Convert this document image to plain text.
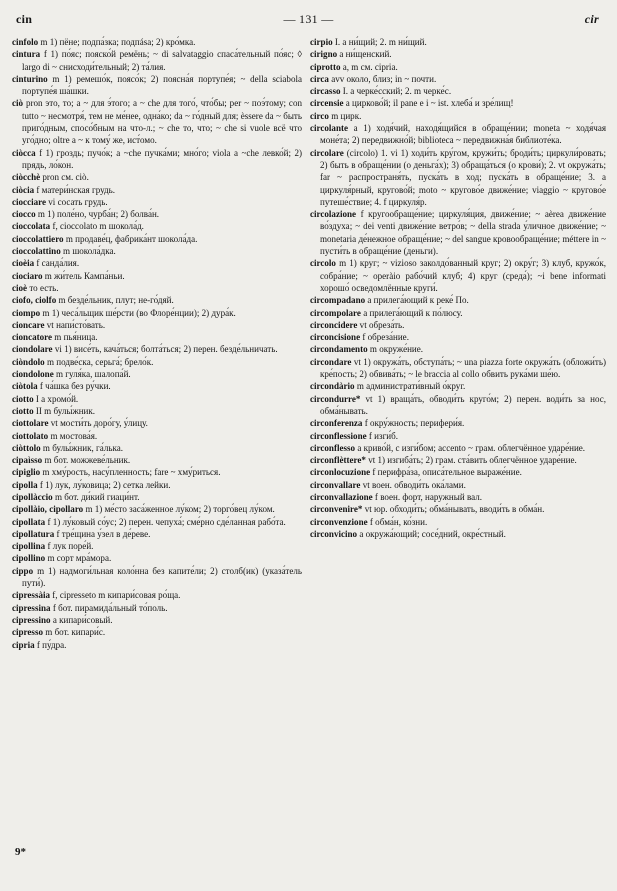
cin	— 131 —	cir
cinfolo m 1) пёне; подпа́зка; подпása; 2) кро́мка.
cintura f 1) по́яс; пояско́й ремёнь; ~ di salvataggio спаса́тельный по́яс; ◊ largo di ~ снисходи́тельный; 2) та́лия.
cinturino m 1) ремешо́к, поясо́к; 2) поясна́я портупе́я; ~ della sciabola портупе́я ша́шки.
ciò pron это, то; a ~ для э́того; a ~ che для того́, что́бы; per ~ поэ́тому; con tutto ~ несмотря́, тем не ме́нее, одна́ко; da ~ го́дный для; èssere da ~ быть приго́дным, спосо́бным на что-л.; ~ che то, что; ~ che si vuole всё что уго́дно; oltre a ~ к тому́ же, ист́омо.
ciòcca f 1) гроздь; пучо́к; a ~che пучка́ми; мно́го; viola a ~che левко́й; 2) прядь, ло́кон.
ciòcchè pron см. ciò.
ciòcia f матери́нская грудь.
ciocciare vi сосать грудь.
ciocco m 1) поле́но, чурба́н; 2) болва́н.
cioccolata f, cioccolato m шокола́д.
cioccolattiero m продаве́ц, фабрика́нт шокола́да.
cioccolattino m шокола́дка.
cioèia f санда́лия.
ciociaro m жи́тель Кампа́ньи.
cioè то есть.
ciofo, ciolfo m безде́льник, плут; не-го́дяй.
ciompo m 1) чеса́льщик ше́рсти (во Флоре́нции); 2) дура́к.
cioncare vt напи́сто́вать.
cioncatore m пья́ница.
ciondolare vi 1) висе́ть, кача́ться; болта́ться; 2) перен. безде́льничать.
ciòndolo m подве́ска, серьга́; брело́к.
ciondolone m гуля́ка, шалопа́й.
ciòtola f ча́шка без ру́чки.
ciotto I a хромо́й.
ciotto II m булы́жник.
ciottolare vt мости́ть доро́гу, у́лицу.
ciottolato m мостова́я.
ciòttolo m булы́жник, га́лька.
cipaìsso m бот. можжеве́льник.
cipiglio m хму́рость, насу́пленность; fare ~ хму́риться.
cipolla f 1) лук, лу́ковица; 2) сетка лейки.
cipollàccio m бот. ди́кий гиаци́нт.
cipollàio, cipollaro m 1) ме́сто заса́женное лу́ком; 2) торго́вец лу́ком.
cipollata f 1) лу́ковый со́ус; 2) перен. чепуха́; сме́рно сде́ланная рабо́та.
cipollatura f тре́щина у́зел в де́реве.
cipollina f лук поре́й.
cipollino m сорт мра́мора.
cippo m 1) надмоги́льная коло́нна без капите́ли; 2) столб(ик) (указа́тель пути́).
cipressàia f, cipresseto m кипари́совая ро́ща.
cipressina f бот. пирамида́льный то́поль.
cipressino a кипари́совый.
cipresso m бот. кипари́с.
cipria f пу́дра.
cirpio I. a ни́щий; 2. m ни́щий.
cirigno a ни́щенский.
ciprotto a, m см. cipria.
circa avv около, близ; in ~ почти.
circasso I. a черке́сский; 2. m черке́с.
circensie a цирково́й; il pane e i ~ ist. хлеба́ и зре́лищ!
circo m цирк.
circolante a 1) ходя́чий, находя́щийся в обраще́нии; moneta ~ ходя́чая моне́та; 2) передвижно́й; biblioteca ~ передвижна́я библиоте́ка.
circolare (circolo) 1. vi 1) ходи́ть кру́гом, кружи́ть; броди́ть; циркули́ровать; 2) быть в обраще́нии (о деньга́х); 3) обраща́ться (о крови́); 2. vt окружа́ть; far ~ распространя́ть, пуска́ть в ход; пуска́ть в обраще́ние; 3. a циркуля́рный, кругово́й; moto ~ кругово́е движе́ние; viaggio ~ кругово́е путеше́ствие; 4. f циркуля́р.
circolazione f кругообраще́ние; циркуля́ция, движе́ние; ~ aèrea движе́ние во́здуха; ~ dei venti движе́ние ветро́в; ~ della strada у́личное движе́ние; ~ monetaria де́нежное обраще́ние; ~ del sangue кровообраще́ние; méttere in ~ пусти́ть в обраще́ние (деньги).
circolo m 1) круг; ~ vizioso заколдо́ванный круг; 2) окру́г; 3) клуб, кружо́к, собра́ние; ~ operàio рабо́чий клуб; 4) круг (среда́); ~i bene informati хорошо́ осведомлённые круги́.
circompadano a прилега́ющий к реке́ По.
circompolare a прилега́ющий к по́люсу.
circoncidere vt обреза́ть.
circoncisione f обреза́ние.
circondamento m окруже́ние.
circondare vt 1) окружа́ть, обступа́ть; ~ una piazza forte окружа́ть (обложи́ть) кре́пость; 2) обвива́ть; ~ le braccia al collo обвить рука́ми ше́ю.
circondàrio m администрати́вный о́круг.
circondurre* vt 1) враща́ть, обводи́ть круго́м; 2) перен. води́ть за нос, обма́нывать.
circonferenza f окру́жность; перифери́я.
circonflessione f изги́б.
circonflesso a криво́й, с изги́бом; accento ~ грам. облегчённое ударе́ние.
circonflèttere* vt 1) изгиба́ть; 2) грам. ста́вить облегчённое ударе́ние.
circonlocuzione f перифра́за, описа́тельное выраже́ние.
circonvallare vt воен. обводи́ть ока́лами.
circonvallazione f воен. форт, наружный вал.
circonvenire* vt юр. обходи́ть; обма́нывать, вводи́ть в обма́н.
circonvenzione f обма́н, ко́зни.
circonvicino a окружа́ющий; сосе́дний, окре́стный.
9*
